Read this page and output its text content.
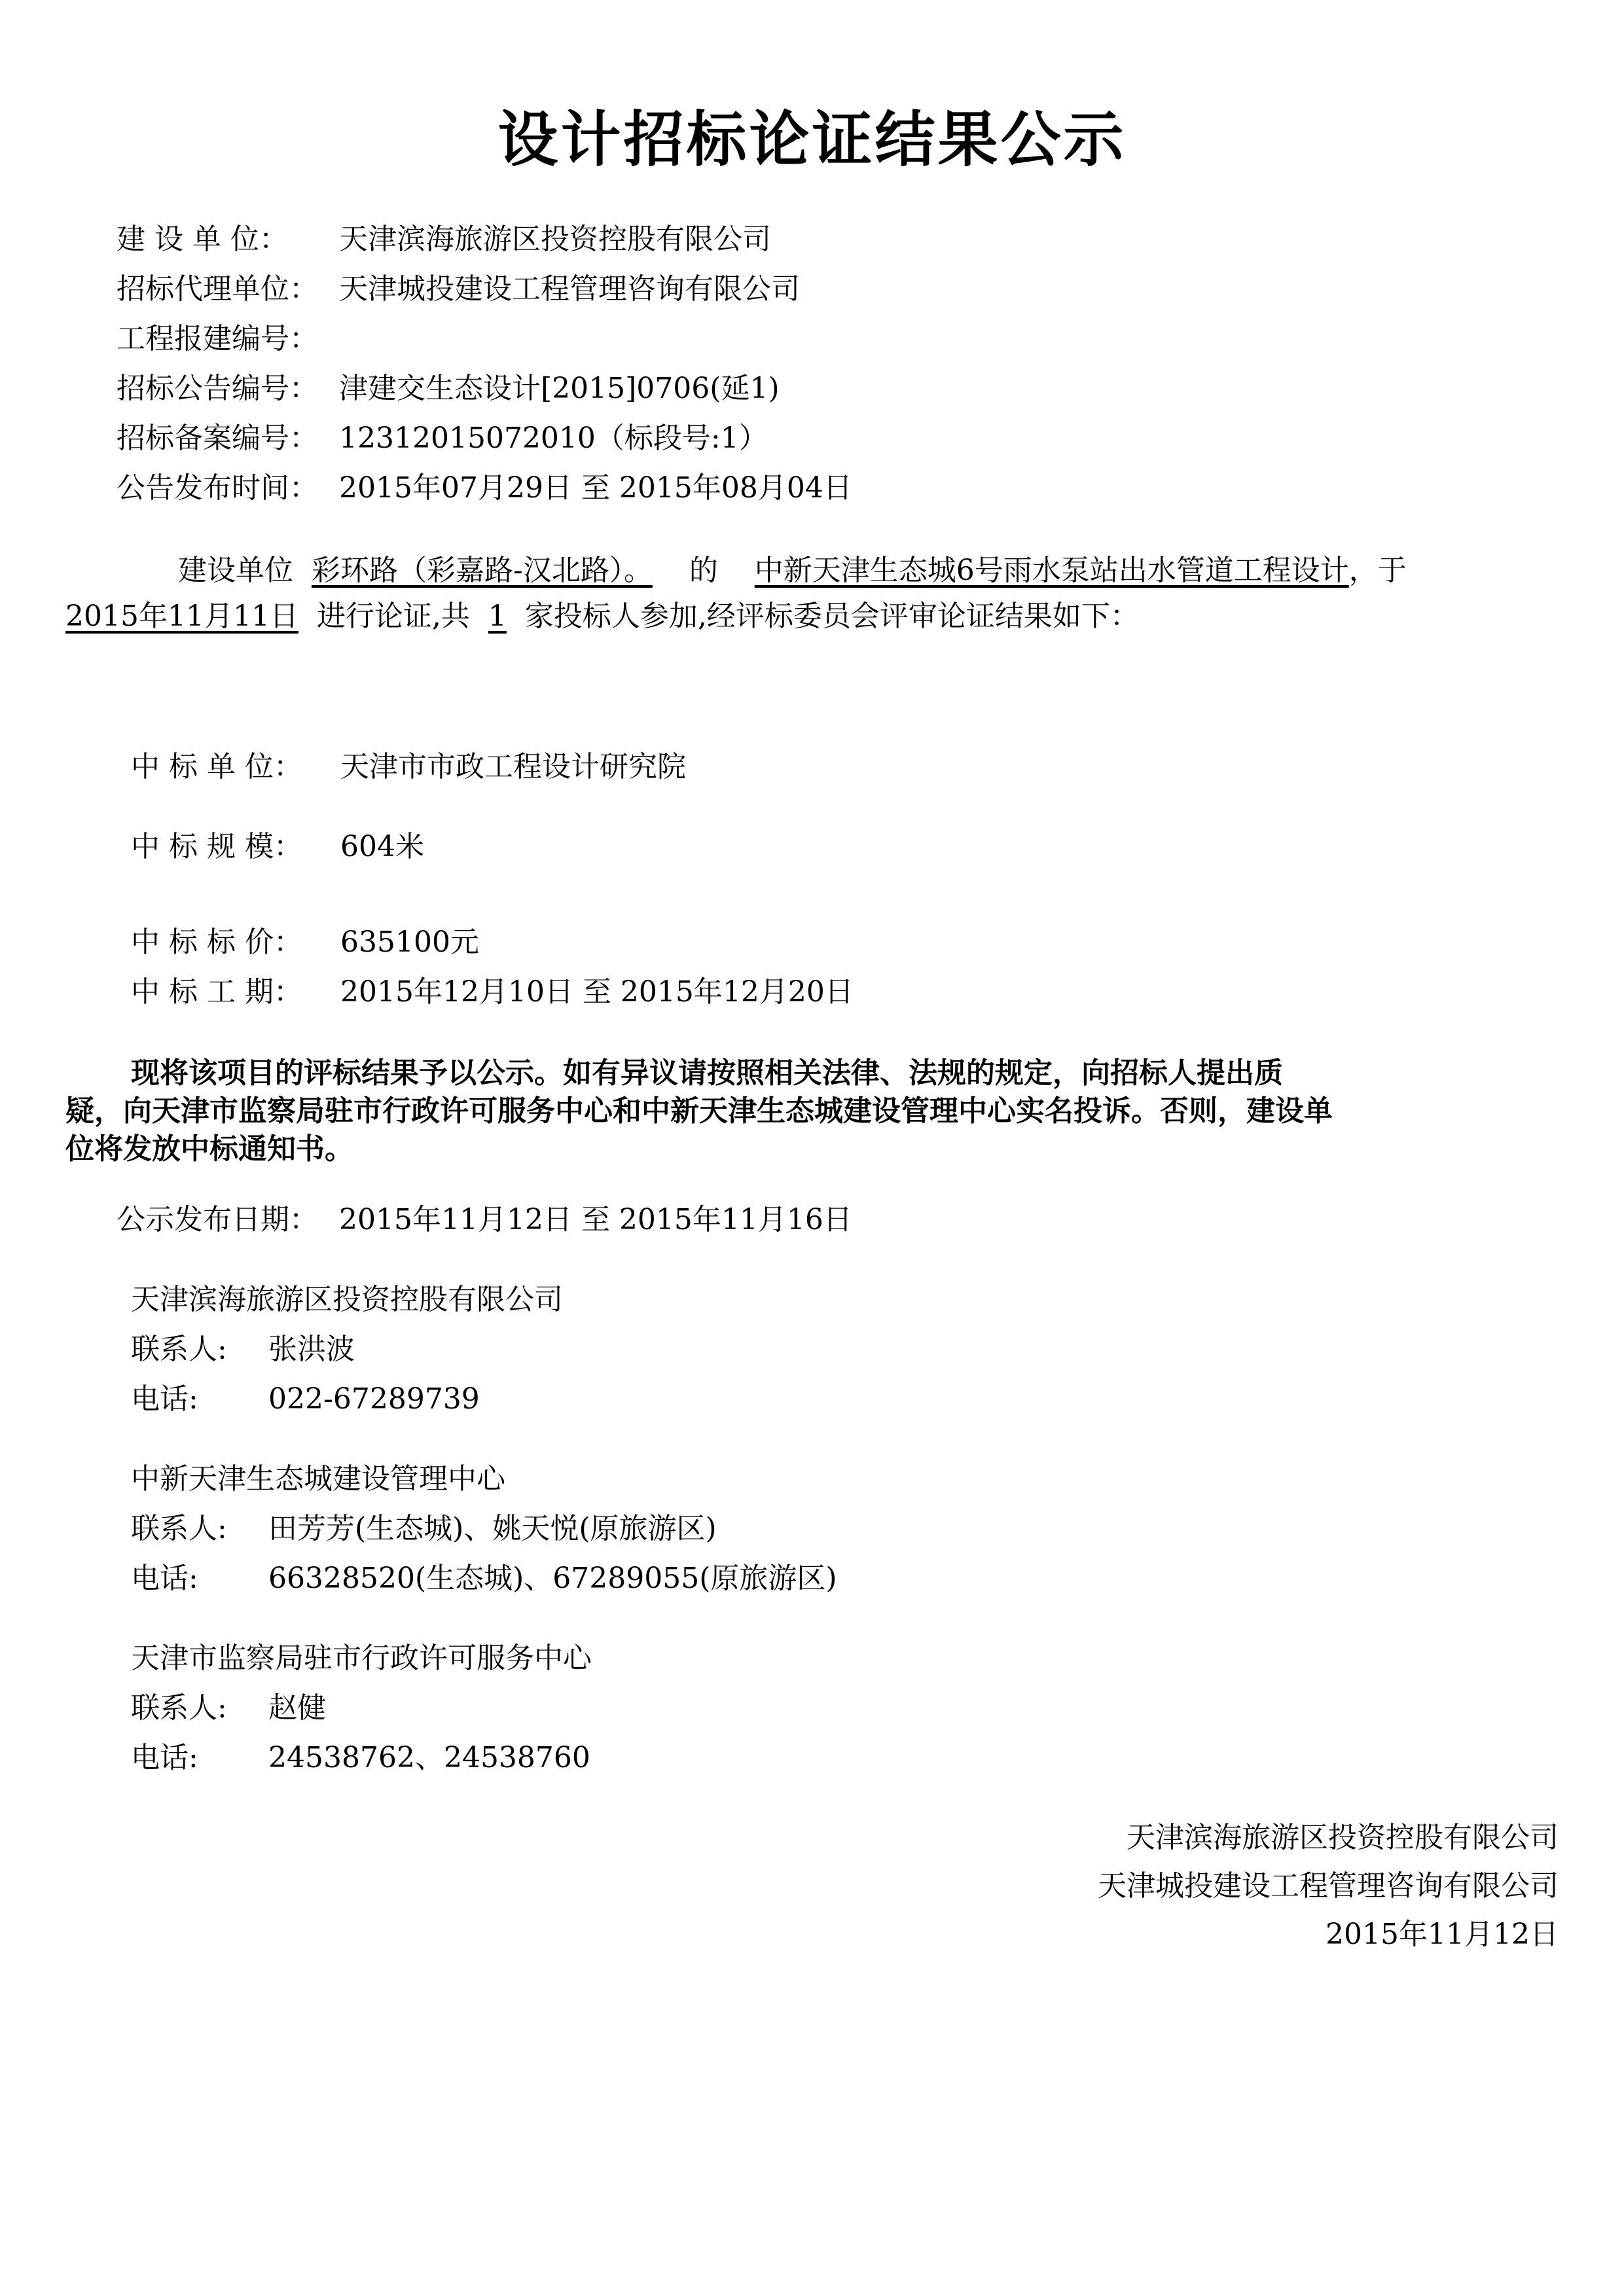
设计招标论证结果公示
建 设 单 位： 天津滨海旅游区投资控股有限公司
招标代理单位： 天津城投建设工程管理咨询有限公司
工程报建编号：
招标公告编号： 津建交生态设计[2015]0706(延1)
招标备案编号： 12312015072010（标段号:1）
公告发布时间： 2015年07月29日 至 2015年08月04日
建设单位 彩环路（彩嘉路-汉北路）。 的 中新天津生态城6号雨水泵站出水管道工程设计，于
2015年11月11日 进行论证,共 1 家投标人参加,经评标委员会评审论证结果如下：
中 标 单 位： 天津市市政工程设计研究院
中 标 规 模： 604米
中 标 标 价： 635100元
中 标 工 期： 2015年12月10日 至 2015年12月20日
现将该项目的评标结果予以公示。如有异议请按照相关法律、法规的规定，向招标人提出质
疑，向天津市监察局驻市行政许可服务中心和中新天津生态城建设管理中心实名投诉。否则，建设单
位将发放中标通知书。
公示发布日期： 2015年11月12日 至 2015年11月16日
天津滨海旅游区投资控股有限公司
联系人: 张洪波
电话: 022-67289739
中新天津生态城建设管理中心
联系人: 田芳芳(生态城)、姚天悦(原旅游区)
电话: 66328520(生态城)、67289055(原旅游区)
天津市监察局驻市行政许可服务中心
联系人: 赵健
电话: 24538762、24538760
天津滨海旅游区投资控股有限公司
天津城投建设工程管理咨询有限公司
2015年11月12日
